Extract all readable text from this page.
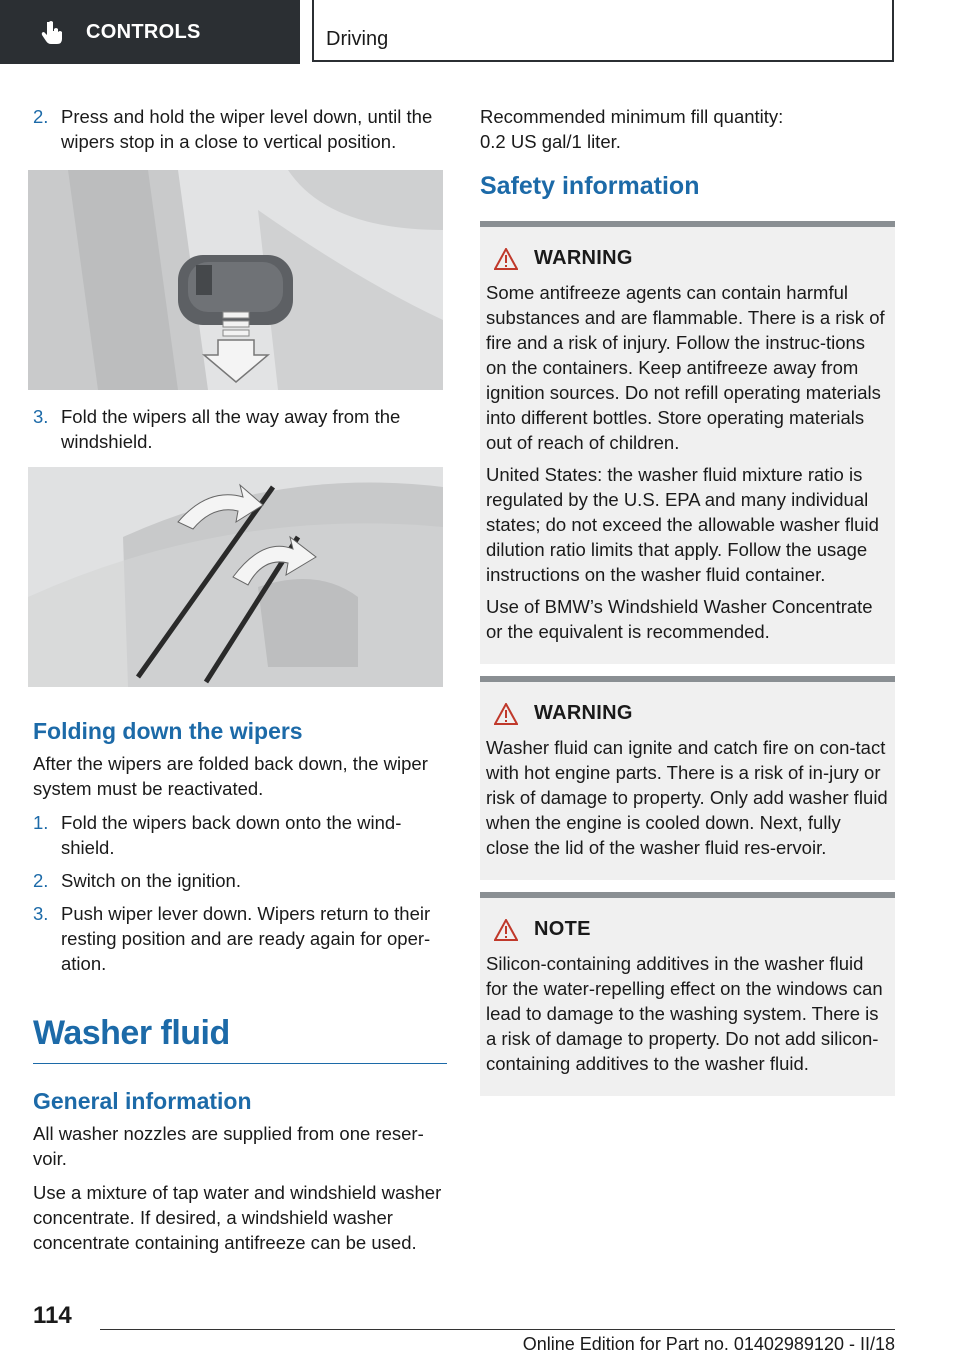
CONTROLS	Driving
2. Press and hold the wiper level down, until the wipers stop in a close to vertical position.
3. Fold the wipers all the way away from the windshield.
Folding down the wipers

After the wipers are folded back down, the wiper system must be reactivated.

1. Fold the wipers back down onto the wind‐shield.
2. Switch on the ignition.
3. Push wiper lever down. Wipers return to their resting position and are ready again for oper‐ation.
Washer fluid
General information

All washer nozzles are supplied from one reser‐voir.

Use a mixture of tap water and windshield washer concentrate. If desired, a windshield washer concentrate containing antifreeze can be used.

Recommended minimum fill quantity:

0.2 US gal/1 liter.

Safety information
WARNING

Some antifreeze agents can contain harmful substances and are flammable. There is a risk of fire and a risk of injury. Follow the instruc‐tions on the containers. Keep antifreeze away from ignition sources. Do not refill operating materials into different bottles. Store operating materials out of reach of children.

United States: the washer fluid mixture ratio is regulated by the U.S. EPA and many individual states; do not exceed the allowable washer fluid dilution ratio limits that apply. Follow the usage instructions on the washer fluid container.

Use of BMW’s Windshield Washer Concentrate or the equivalent is recommended.

WARNING

Washer fluid can ignite and catch fire on con‐tact with hot engine parts. There is a risk of in‐jury or risk of damage to property. Only add washer fluid when the engine is cooled down. Next, fully close the lid of the washer fluid res‐ervoir.

NOTE

Silicon-containing additives in the washer fluid for the water-repelling effect on the windows can lead to damage to the washing system. There is a risk of damage to property. Do not add silicon-containing additives to the washer fluid.

114
Online Edition for Part no. 01402989120 - II/18
